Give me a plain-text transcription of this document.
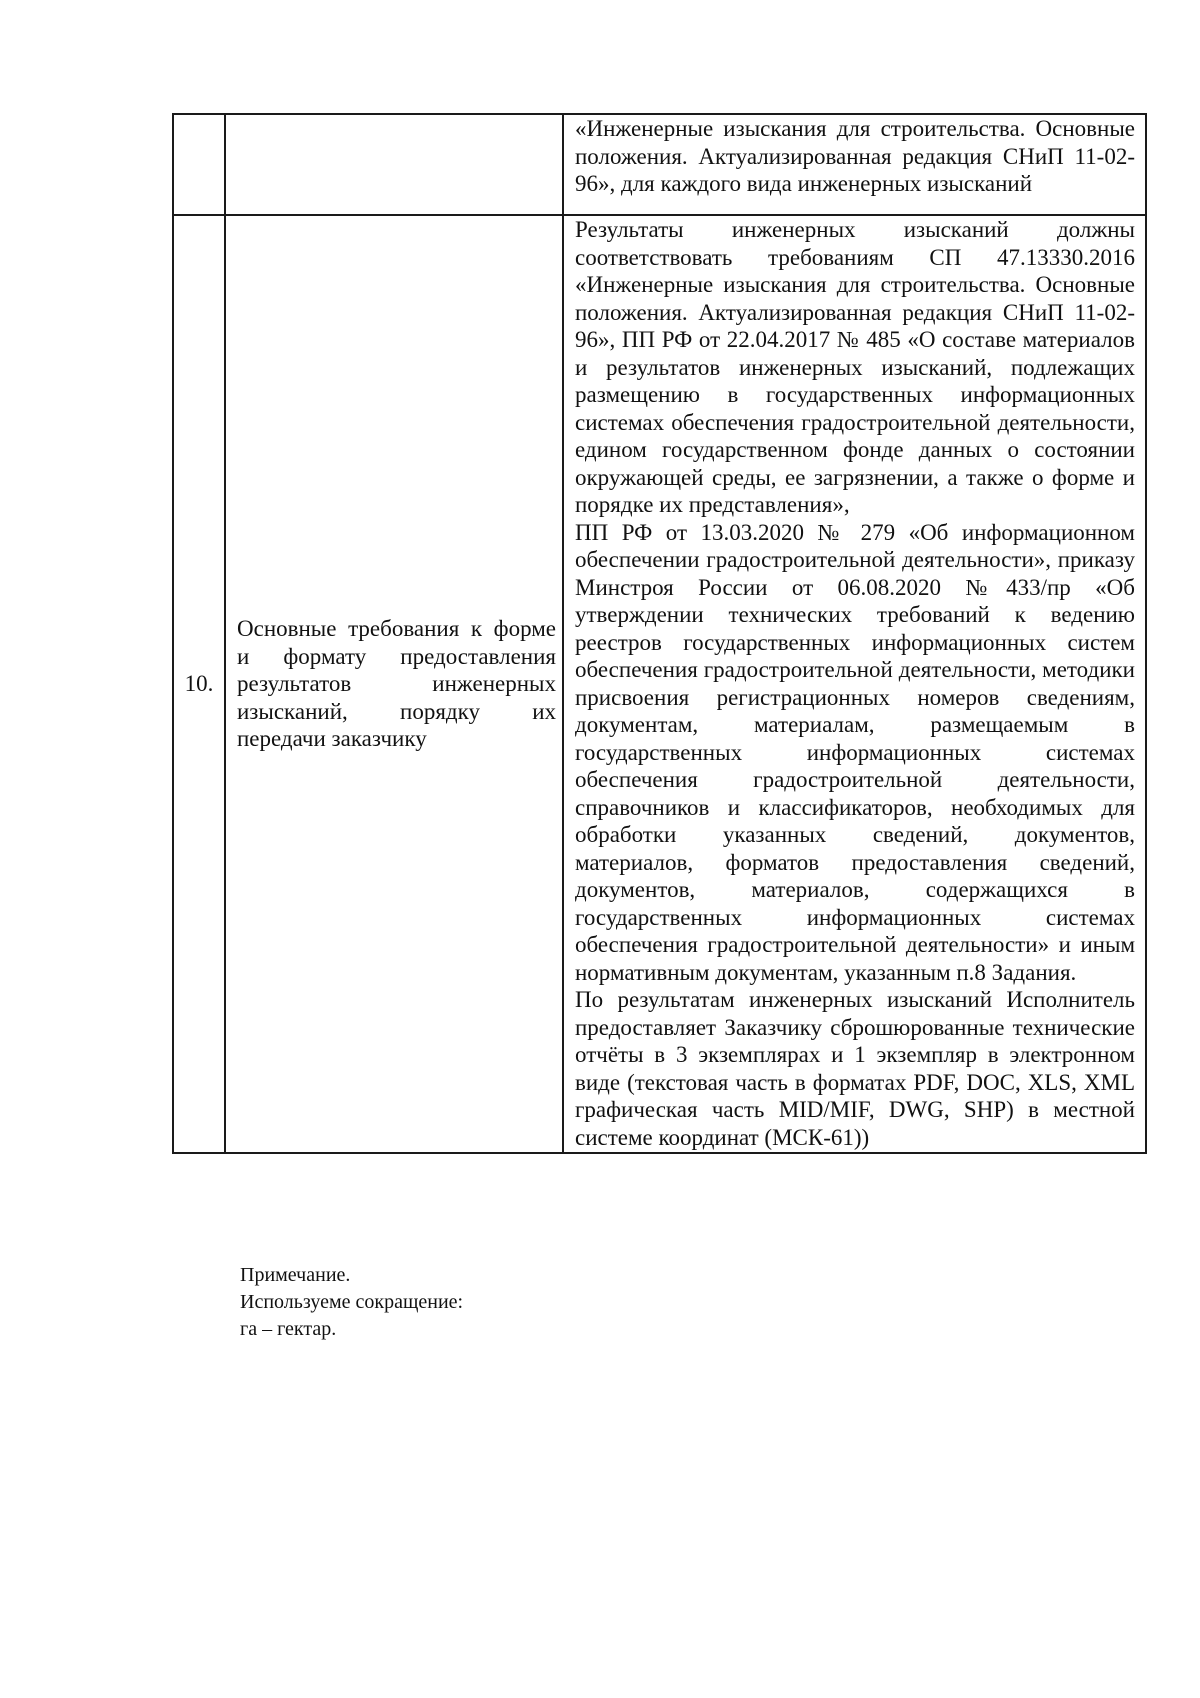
		«Инженерные изыскания для строительства. Основные положения. Актуализированная редакция СНиП 11-02-96», для каждого вида инженерных изысканий

10.	Основные требования к форме и формату предоставления результатов инженерных изысканий, порядку их передачи заказчику	Результаты инженерных изысканий должны соответствовать требованиям СП 47.13330.2016 «Инженерные изыскания для строительства. Основные положения. Актуализированная редакция СНиП 11-02-96», ПП РФ от 22.04.2017 № 485 «О составе материалов и результатов инженерных изысканий, подлежащих размещению в государственных информационных системах обеспечения градостроительной деятельности, едином государственном фонде данных о состоянии окружающей среды, ее загрязнении, а также о форме и порядке их представления»,

ПП РФ от 13.03.2020 № 279 «Об информационном обеспечении градостроительной деятельности», приказу Минстроя России от 06.08.2020 №433/пр «Об утверждении технических требований к ведению реестров государственных информационных систем обеспечения градостроительной деятельности, методики присвоения регистрационных номеров сведениям, документам, материалам, размещаемым в государственных информационных системах обеспечения градостроительной деятельности, справочников и классификаторов, необходимых для обработки указанных сведений, документов, материалов, форматов предоставления сведений, документов, материалов, содержащихся в государственных информационных системах обеспечения градостроительной деятельности» и иным нормативным документам, указанным п.8 Задания.

По результатам инженерных изысканий Исполнитель предоставляет Заказчику сброшюрованные технические отчёты в 3 экземплярах и 1 экземпляр в электронном виде (текстовая часть в форматах PDF, DOC, XLS, XML графическая часть MID/MIF, DWG, SHP) в местной системе координат (МСК-61))

Примечание.
Используеме сокращение:
га – гектар.
